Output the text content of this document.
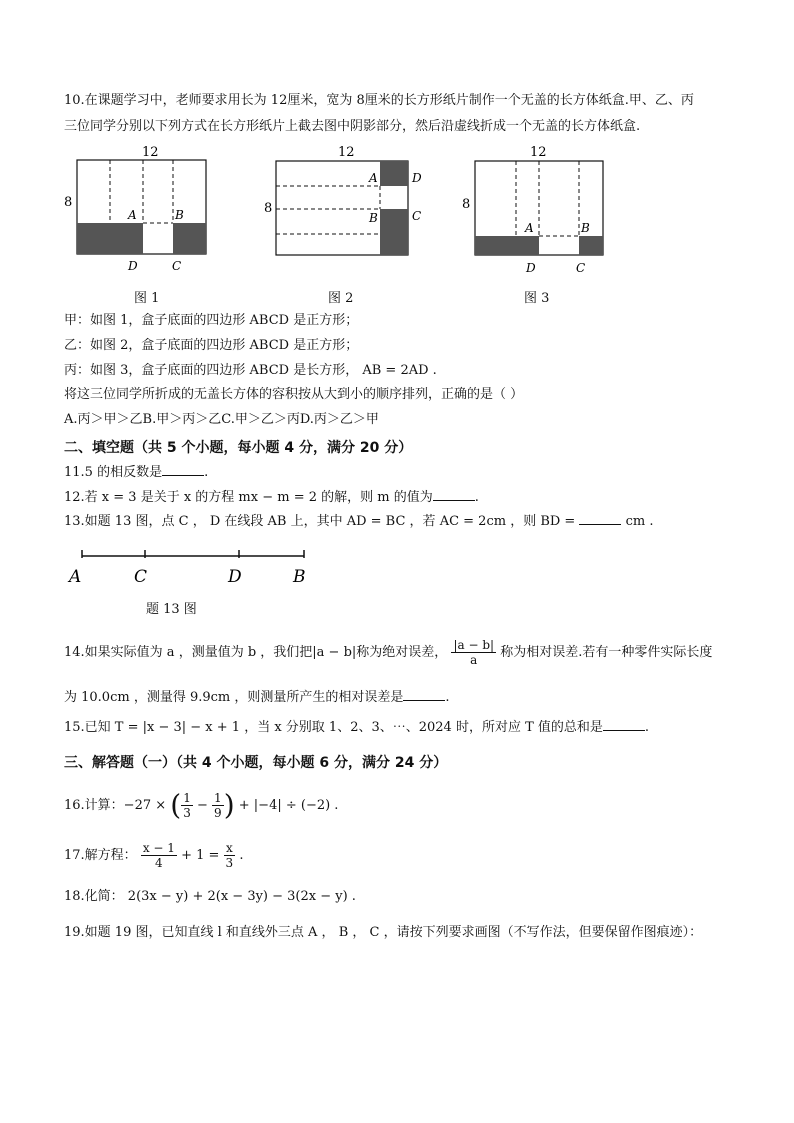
10.在课题学习中，老师要求用长为 12厘米，宽为 8厘米的长方形纸片制作一个无盖的长方体纸盒.甲、乙、丙
三位同学分别以下列方式在长方形纸片上截去图中阴影部分，然后沿虚线折成一个无盖的长方体纸盒.
12
8
A	B
D	C
图 1
12
8
A
B
D
C
图 2
12
8
A	B
D	C
图 3
甲：如图 1，盒子底面的四边形 ABCD 是正方形；
乙：如图 2，盒子底面的四边形 ABCD 是正方形；
丙：如图 3，盒子底面的四边形 ABCD 是长方形， AB = 2AD .
将这三位同学所折成的无盖长方体的容积按从大到小的顺序排列，正确的是（ ）
A.丙＞甲＞乙B.甲＞丙＞乙C.甲＞乙＞丙D.丙＞乙＞甲
二、填空题（共 5 个小题，每小题 4 分，满分 20 分）
11.5 的相反数是	.
12.若 x = 3 是关于 x 的方程 mx − m = 2 的解，则 m 的值为	.
13.如题 13 图，点 C ， D 在线段 AB 上，其中 AD = BC ，若 AC = 2cm ，则 BD =	cm .
A	C	D	B
题 13 图
14.如果实际值为 a ，测量值为 b ，我们把|a − b|称为绝对误差， $\frac{|a - b|}{a}$ 称为相对误差.若有一种零件实际长度
为 10.0cm ，测量得 9.9cm ，则测量所产生的相对误差是	.
15.已知 T = |x − 3| − x + 1 ，当 x 分别取 1、2、3、⋯、2024 时，所对应 T 值的总和是	.
三、解答题（一）（共 4 个小题，每小题 6 分，满分 24 分）
16.计算：−27 × ( $\frac{1}{3} - \frac{1}{9}$ ) + |−4| ÷ (−2) .
17.解方程： $\frac{x - 1}{4} + 1 = \frac{x}{3}$ .
18.化简： 2(3x − y) + 2(x − 3y) − 3(2x − y) .
19.如题 19 图，已知直线 l 和直线外三点 A ， B ， C ，请按下列要求画图（不写作法，但要保留作图痕迹）：
